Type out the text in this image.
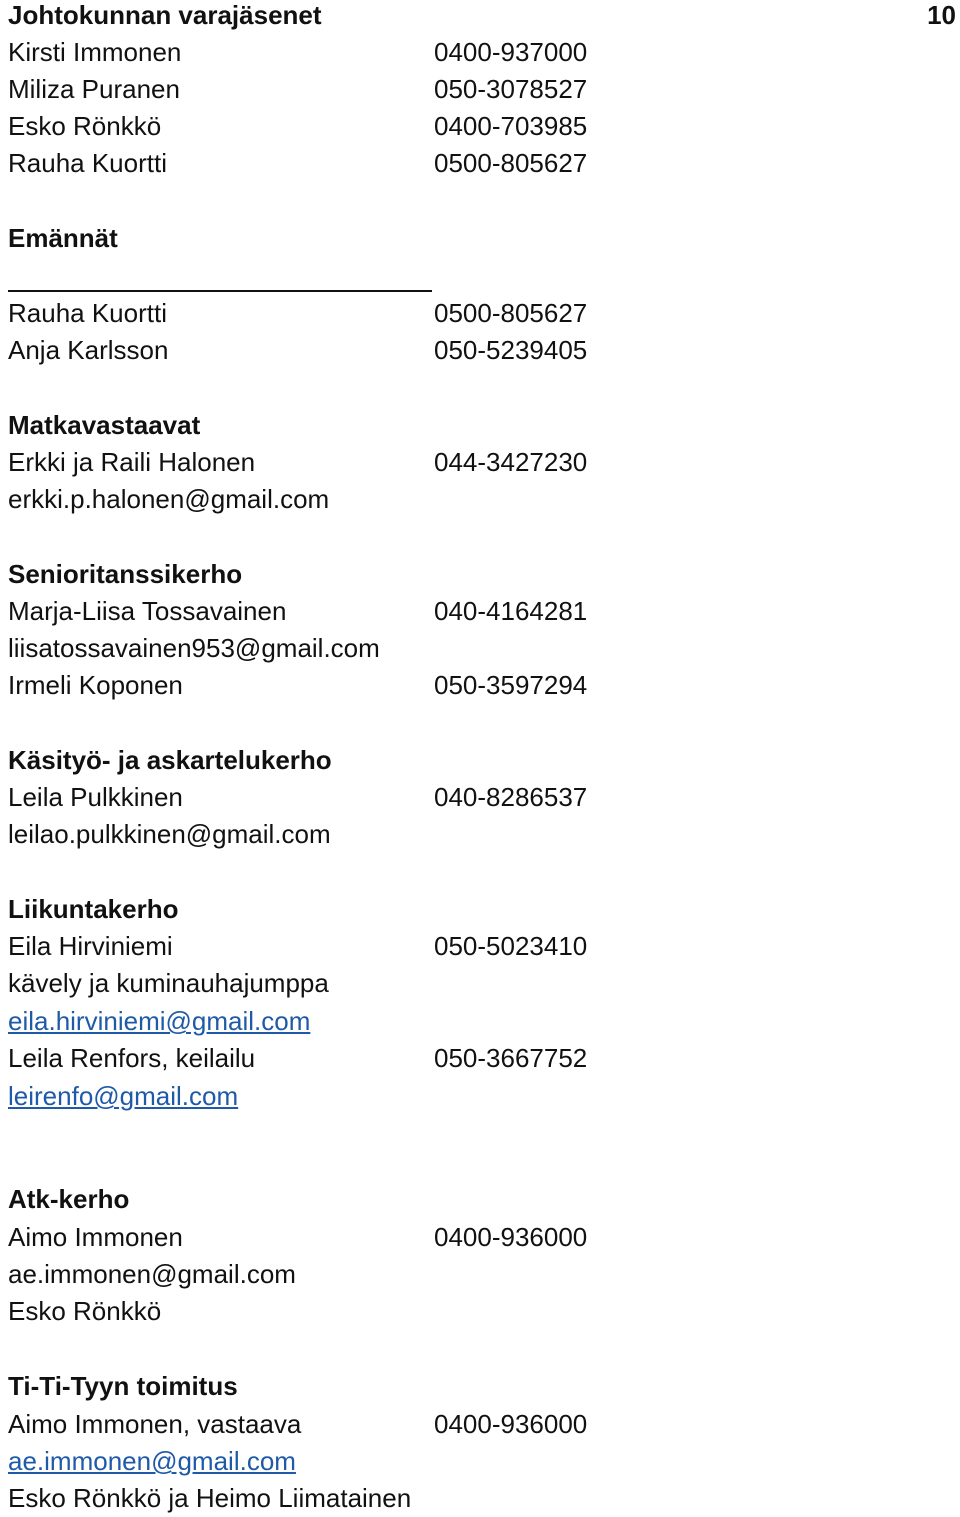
Johtokunnan varajäsenet	10
Kirsti Immonen	0400-937000
Miliza Puranen	050-3078527
Esko Rönkkö	0400-703985
Rauha Kuortti	0500-805627
Emännät
Rauha Kuortti	0500-805627
Anja Karlsson	050-5239405
Matkavastaavat
Erkki ja Raili Halonen	044-3427230
erkki.p.halonen@gmail.com
Senioritanssikerho
Marja-Liisa Tossavainen	040-4164281
liisatossavainen953@gmail.com
Irmeli Koponen	050-3597294
Käsityö- ja askartelukerho
Leila Pulkkinen	040-8286537
leilao.pulkkinen@gmail.com
Liikuntakerho
Eila Hirviniemi	050-5023410
kävely ja kuminauhajumppa
eila.hirviniemi@gmail.com
Leila Renfors, keilailu	050-3667752
leirenfo@gmail.com
Atk-kerho
Aimo Immonen	0400-936000
ae.immonen@gmail.com
Esko Rönkkö
Ti-Ti-Tyyn toimitus
Aimo Immonen, vastaava	0400-936000
ae.immonen@gmail.com
Esko Rönkkö ja Heimo Liimatainen
